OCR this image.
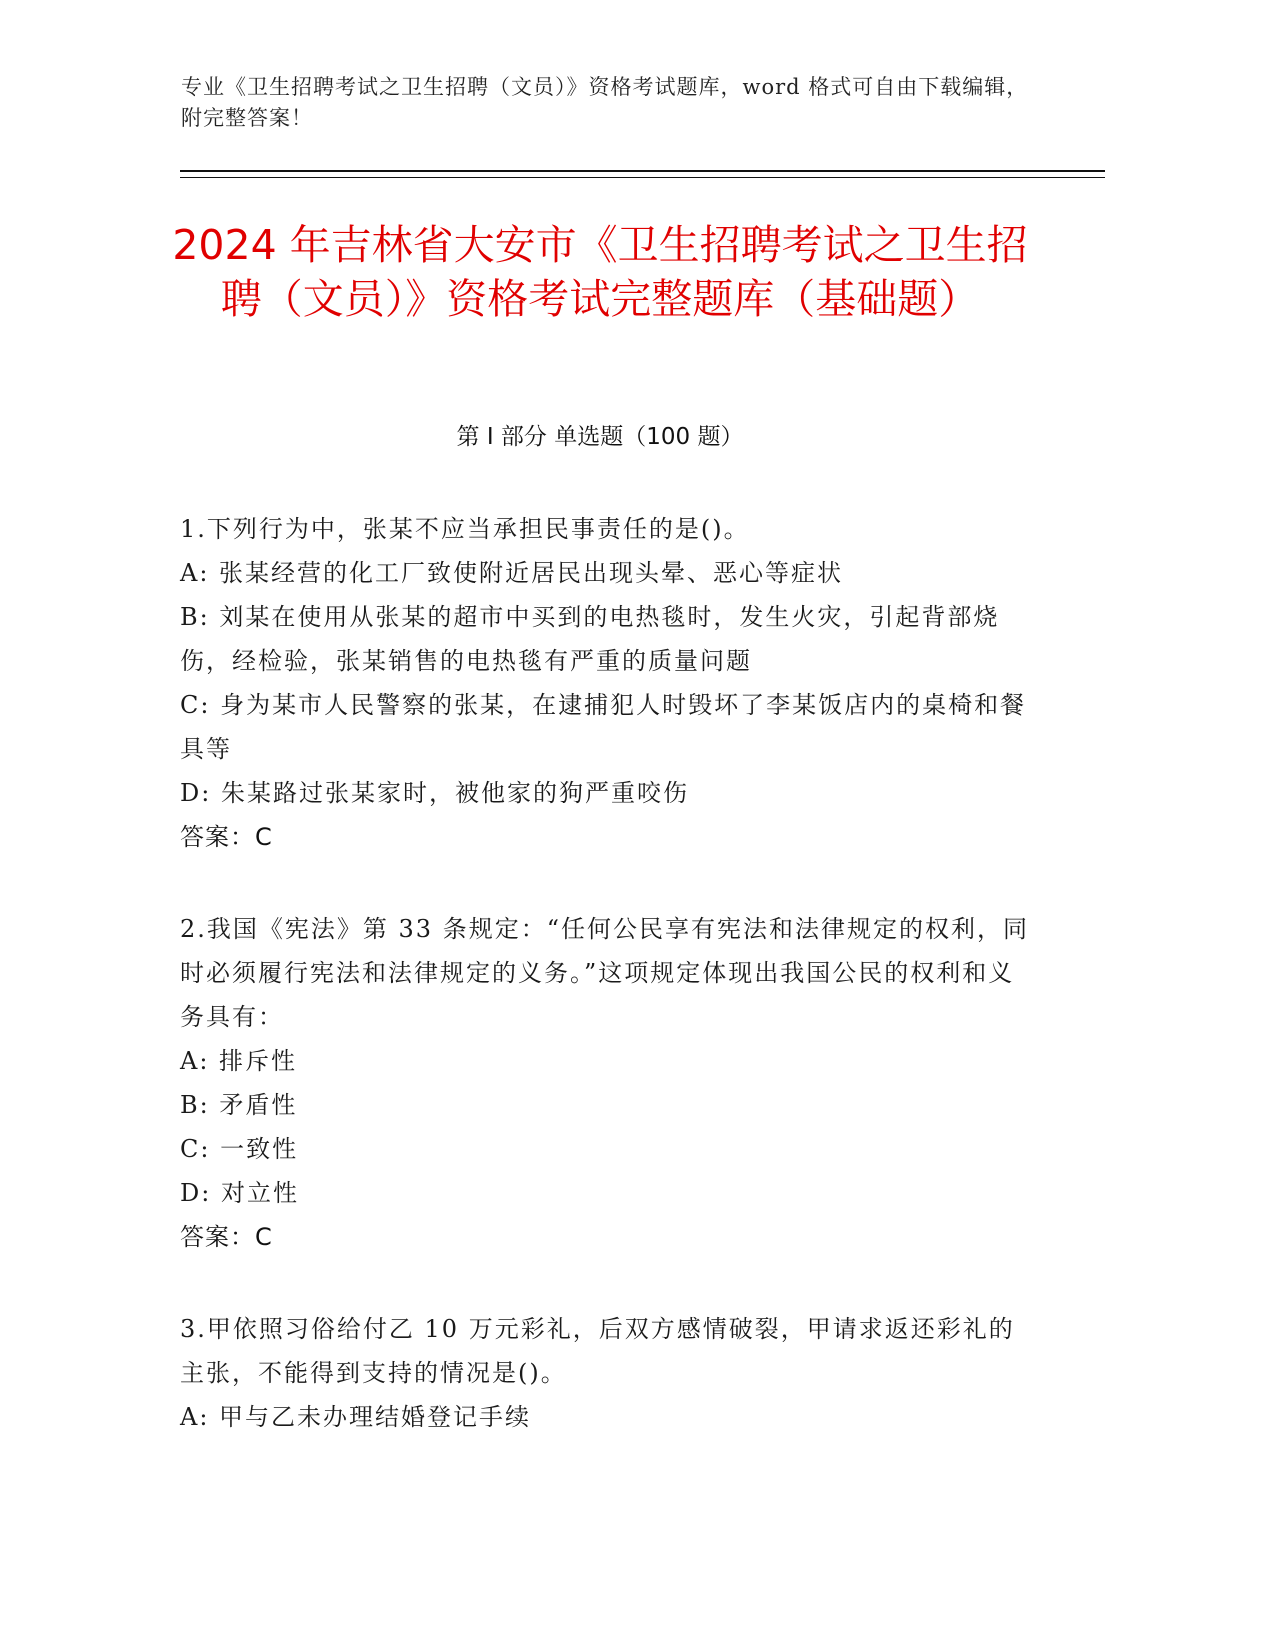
专业《卫生招聘考试之卫生招聘（文员）》资格考试题库，word 格式可自由下载编辑，附完整答案！
2024 年吉林省大安市《卫生招聘考试之卫生招聘（文员）》资格考试完整题库（基础题）
第 I 部分 单选题（100 题）
1.下列行为中，张某不应当承担民事责任的是()。
A: 张某经营的化工厂致使附近居民出现头晕、恶心等症状
B: 刘某在使用从张某的超市中买到的电热毯时，发生火灾，引起背部烧伤，经检验，张某销售的电热毯有严重的质量问题
C: 身为某市人民警察的张某，在逮捕犯人时毁坏了李某饭店内的桌椅和餐具等
D: 朱某路过张某家时，被他家的狗严重咬伤
答案：C
2.我国《宪法》第 33 条规定：“任何公民享有宪法和法律规定的权利，同时必须履行宪法和法律规定的义务。”这项规定体现出我国公民的权利和义务具有：
A: 排斥性
B: 矛盾性
C: 一致性
D: 对立性
答案：C
3.甲依照习俗给付乙 10 万元彩礼，后双方感情破裂，甲请求返还彩礼的主张，不能得到支持的情况是()。
A: 甲与乙未办理结婚登记手续
